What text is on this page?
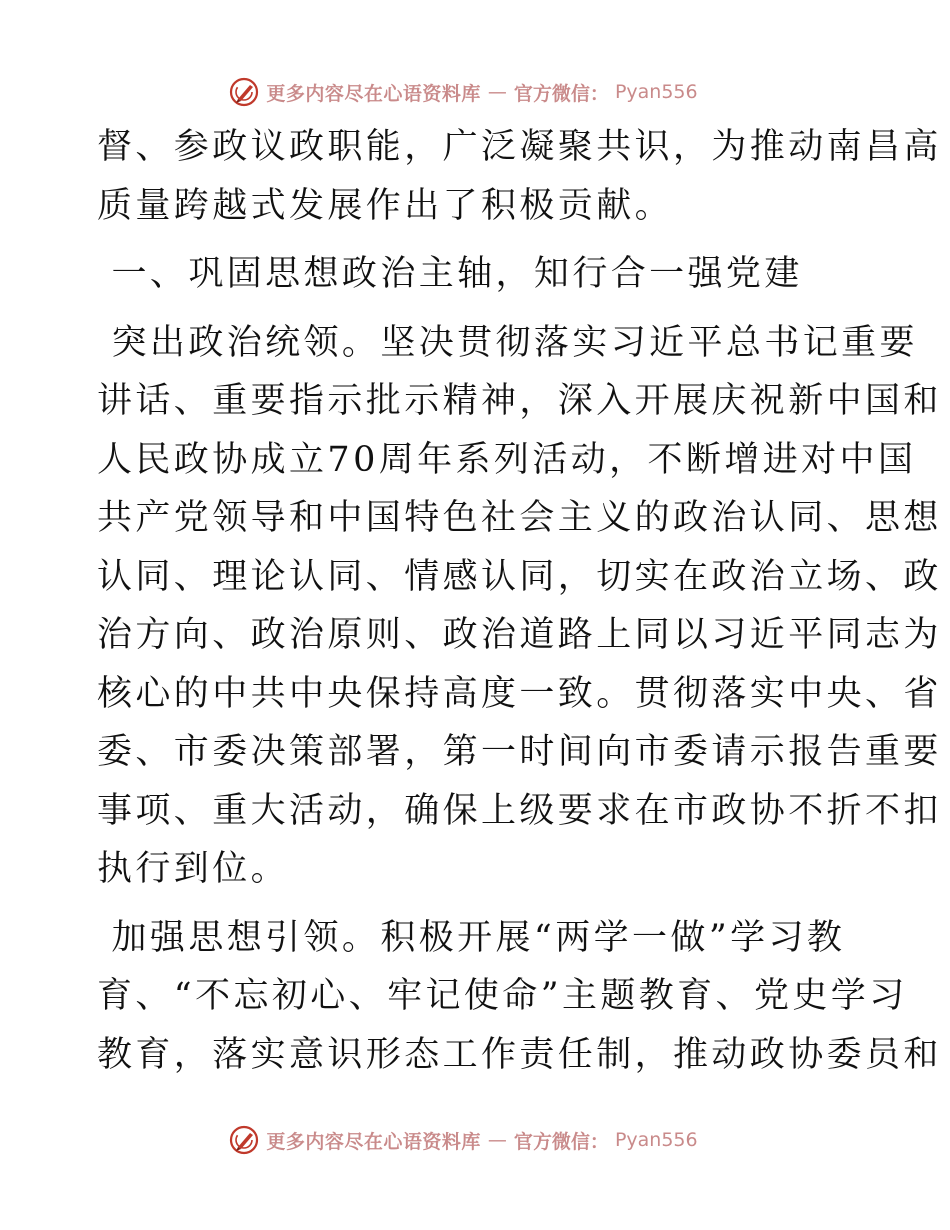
更多内容尽在心语资料库 — 官方微信： Pyan556

督、参政议政职能，广泛凝聚共识，为推动南昌高

质量跨越式发展作出了积极贡献。

一、巩固思想政治主轴，知行合一强党建

突出政治统领。坚决贯彻落实习近平总书记重要

讲话、重要指示批示精神，深入开展庆祝新中国和

人民政协成立70周年系列活动，不断增进对中国

共产党领导和中国特色社会主义的政治认同、思想

认同、理论认同、情感认同，切实在政治立场、政

治方向、政治原则、政治道路上同以习近平同志为

核心的中共中央保持高度一致。贯彻落实中央、省

委、市委决策部署，第一时间向市委请示报告重要

事项、重大活动，确保上级要求在市政协不折不扣

执行到位。

加强思想引领。积极开展“两学一做”学习教

育、“不忘初心、牢记使命”主题教育、党史学习

教育，落实意识形态工作责任制，推动政协委员和

更多内容尽在心语资料库 — 官方微信： Pyan556
